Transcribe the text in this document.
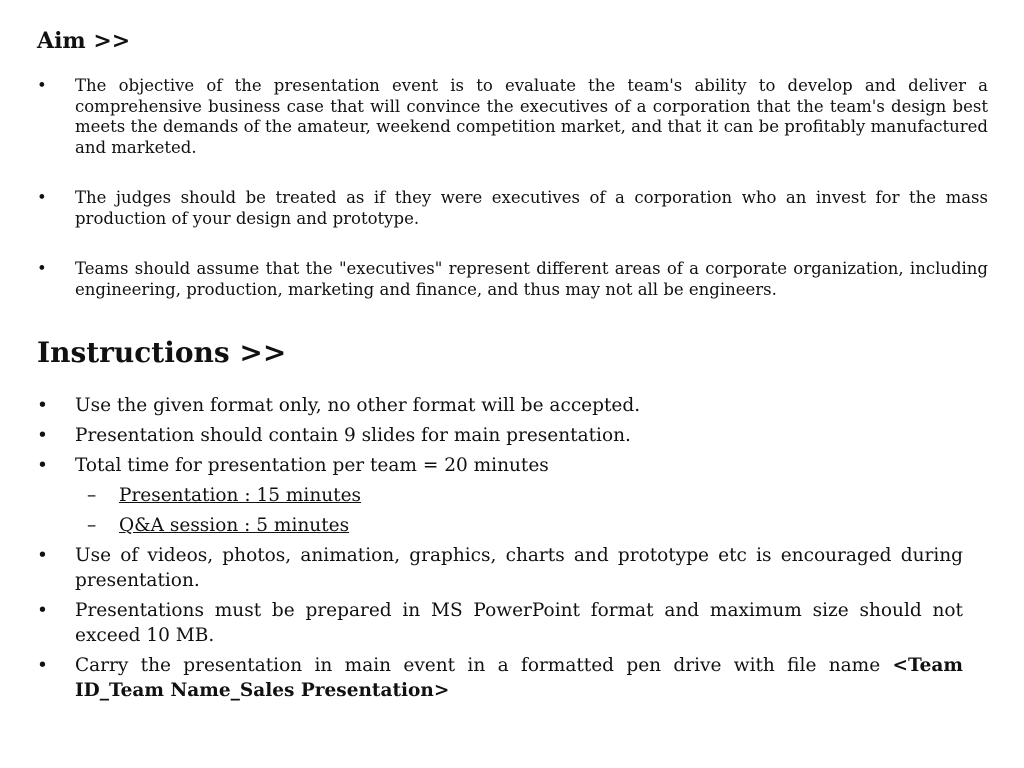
Aim >>
• The objective of the presentation event is to evaluate the team's ability to develop and deliver a comprehensive business case that will convince the executives of a corporation that the team's design best meets the demands of the amateur, weekend competition market, and that it can be profitably manufactured and marketed.
• The judges should be treated as if they were executives of a corporation who an invest for the mass production of your design and prototype.
• Teams should assume that the "executives" represent different areas of a corporate organization, including engineering, production, marketing and finance, and thus may not all be engineers.
Instructions >>
• Use the given format only, no other format will be accepted.
• Presentation should contain 9 slides for main presentation.
• Total time for presentation per team = 20 minutes
– Presentation : 15 minutes
– Q&A session : 5 minutes
• Use of videos, photos, animation, graphics, charts and prototype etc is encouraged during presentation.
• Presentations must be prepared in MS PowerPoint format and maximum size should not exceed 10 MB.
• Carry the presentation in main event in a formatted pen drive with file name <Team ID_Team Name_Sales Presentation>
